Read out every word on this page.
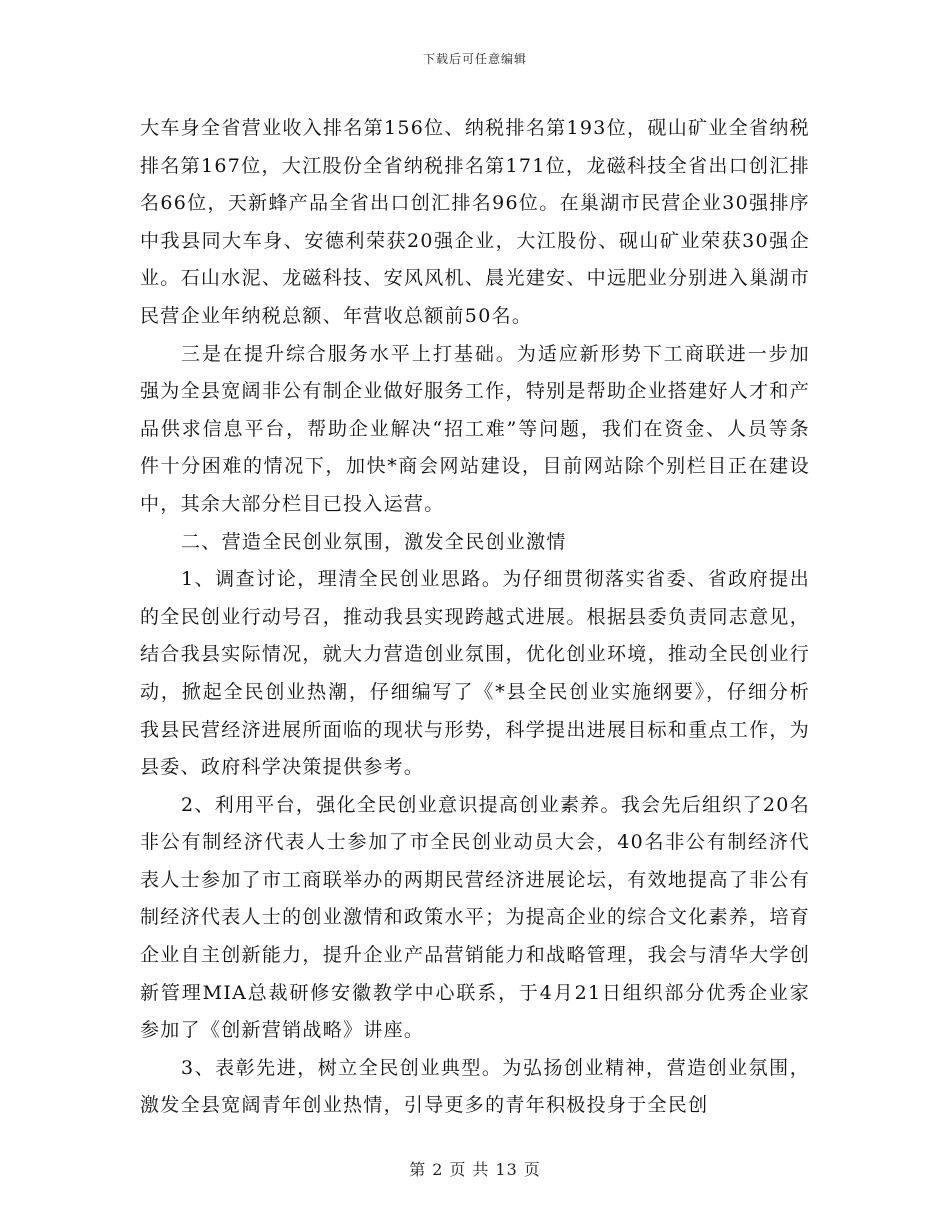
下载后可任意编辑

大车身全省营业收入排名第156位、纳税排名第193位，砚山矿业全省纳税排名第167位，大江股份全省纳税排名第171位，龙磁科技全省出口创汇排名66位，天新蜂产品全省出口创汇排名96位。在巢湖市民营企业30强排序中我县同大车身、安德利荣获20强企业，大江股份、砚山矿业荣获30强企业。石山水泥、龙磁科技、安风风机、晨光建安、中远肥业分别进入巢湖市民营企业年纳税总额、年营收总额前50名。

三是在提升综合服务水平上打基础。为适应新形势下工商联进一步加强为全县宽阔非公有制企业做好服务工作，特别是帮助企业搭建好人才和产品供求信息平台，帮助企业解决“招工难”等问题，我们在资金、人员等条件十分困难的情况下，加快*商会网站建设，目前网站除个别栏目正在建设中，其余大部分栏目已投入运营。

二、营造全民创业氛围，激发全民创业激情

1、调查讨论，理清全民创业思路。为仔细贯彻落实省委、省政府提出的全民创业行动号召，推动我县实现跨越式进展。根据县委负责同志意见，结合我县实际情况，就大力营造创业氛围，优化创业环境，推动全民创业行动，掀起全民创业热潮，仔细编写了《*县全民创业实施纲要》，仔细分析我县民营经济进展所面临的现状与形势，科学提出进展目标和重点工作，为县委、政府科学决策提供参考。

2、利用平台，强化全民创业意识提高创业素养。我会先后组织了20名非公有制经济代表人士参加了市全民创业动员大会，40名非公有制经济代表人士参加了市工商联举办的两期民营经济进展论坛，有效地提高了非公有制经济代表人士的创业激情和政策水平；为提高企业的综合文化素养，培育企业自主创新能力，提升企业产品营销能力和战略管理，我会与清华大学创新管理MIA总裁研修安徽教学中心联系，于4月21日组织部分优秀企业家参加了《创新营销战略》讲座。

3、表彰先进，树立全民创业典型。为弘扬创业精神，营造创业氛围，激发全县宽阔青年创业热情，引导更多的青年积极投身于全民创

第 2 页 共 13 页
